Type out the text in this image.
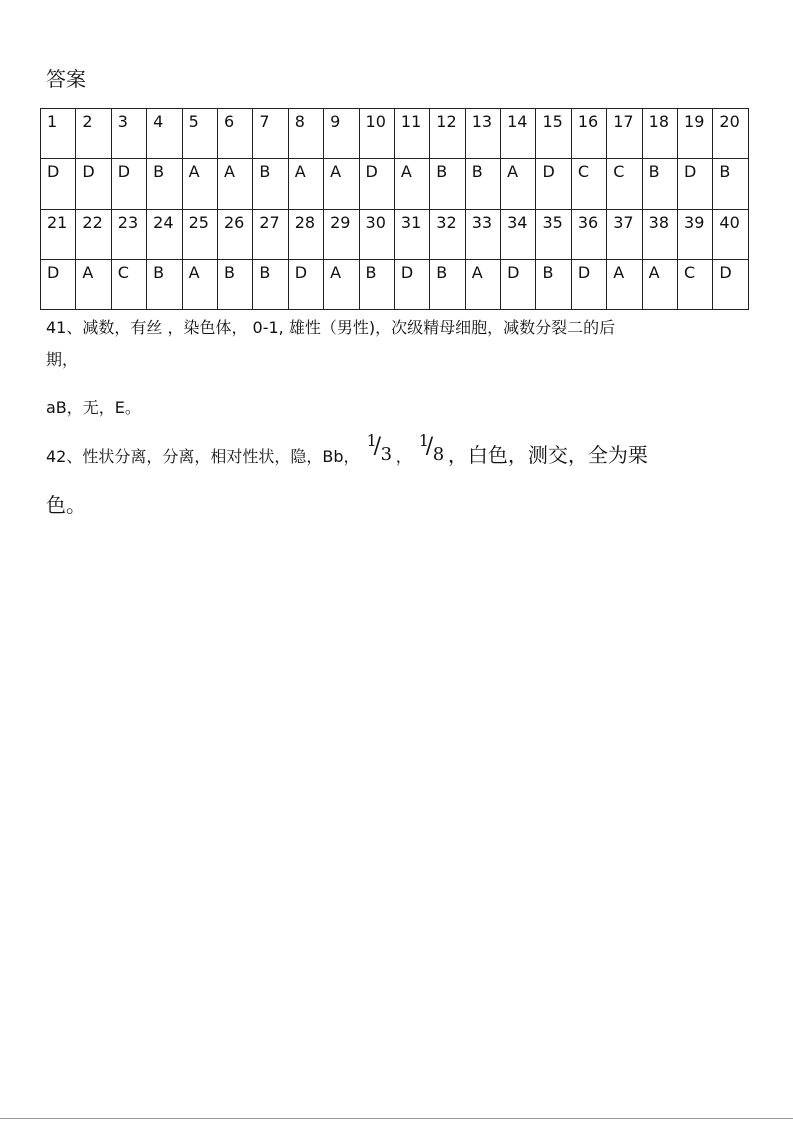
答案
1	2	3	4	5	6	7	8	9	10	11	12	13	14	15	16	17	18	19	20
D	D	D	B	A	A	B	A	A	D	A	B	B	A	D	C	C	B	D	B
21	22	23	24	25	26	27	28	29	30	31	32	33	34	35	36	37	38	39	40
D	A	C	B	A	B	B	D	A	B	D	B	A	D	B	D	A	A	C	D
41、减数，有丝 ，染色体， 0-1, 雄性（男性)，次级精母细胞，减数分裂二的后
期，
aB，无，E。
42、性状分离，分离，相对性状，隐，Bb，
1
/ 3 ，
1
/ 8 ，白色，测交，全为栗
色。
